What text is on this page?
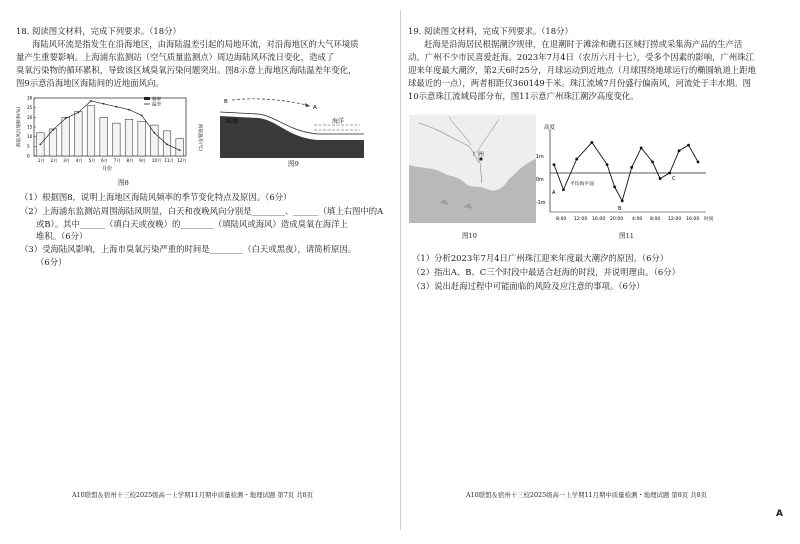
18. 阅读图文材料，完成下列要求。（18分）
海陆风环流是指发生在沿海地区，由海陆温差引起的局地环流，对沿海地区的大气环境质
量产生重要影响。上海浦东监测站（空气质量监测点）周边海陆风环流日变化，造成了
臭氧污染物的循环累积，导致该区域臭氧污染问题突出。图8示意上海地区海陆温差年变化，
图9示意沿海地区海陆间的近地面风向。
0
5
10
15
20
25
30
1月 2月 3月 4月 5月 6月 7月 8月 9月 10月 11月 12月
海陆风出现频率(%)	海陆温差(℃)
月份
频率
温差
图8
B
A
陆地	海洋
图9
（1）根据图8，说明上海地区海陆风频率的季节变化特点及原因。（6分）
（2）上海浦东监测站周围海陆风明显，白天和夜晚风向分别是________、______（填上右图中的A
或B）。其中______（填白天或夜晚）的________（填陆风或海风）造成臭氧在海洋上
堆积。（6分）
（3）受海陆风影响，上海市臭氧污染严重的时间是________（白天或黑夜），请简析原因。
（6分）
A10联盟＆宿州十三校2025级高一上学期11月期中质量检测・地理试题 第7页 共8页
19. 阅读图文材料，完成下列要求。（18分）
赶海是沿海居民根据潮汐规律，在退潮时于滩涂和礁石区域打捞或采集海产品的生产活
动。广州不少市民喜爱赶海。2023年7月4日（农历六月十七），受多个因素的影响，广州珠江
迎来年度最大潮汐，第2天6时25分，月球运动到近地点（月球围绕地球运行的椭圆轨道上距地
球最近的一点），两者相距仅360149千米。珠江流域7月份盛行偏南风，河流处于丰水期。图
10示意珠江流域局部分布，图11示意广州珠江潮汐高度变化。
广州
图10
高度
1m
0m
-1m
平均海平面
时间
8:00 12:00 16:00 20:00 4:00 8:00 12:00 16:00
A
B
C
图11
（1）分析2023年7月4日广州珠江迎来年度最大潮汐的原因。（6分）
（2）指出A、B、C三个时段中最适合赶海的时段，并说明理由。（6分）
（3）说出赶海过程中可能面临的风险及应注意的事项。（6分）
A10联盟＆宿州十三校2025级高一上学期11月期中质量检测・地理试题 第8页 共8页
A
